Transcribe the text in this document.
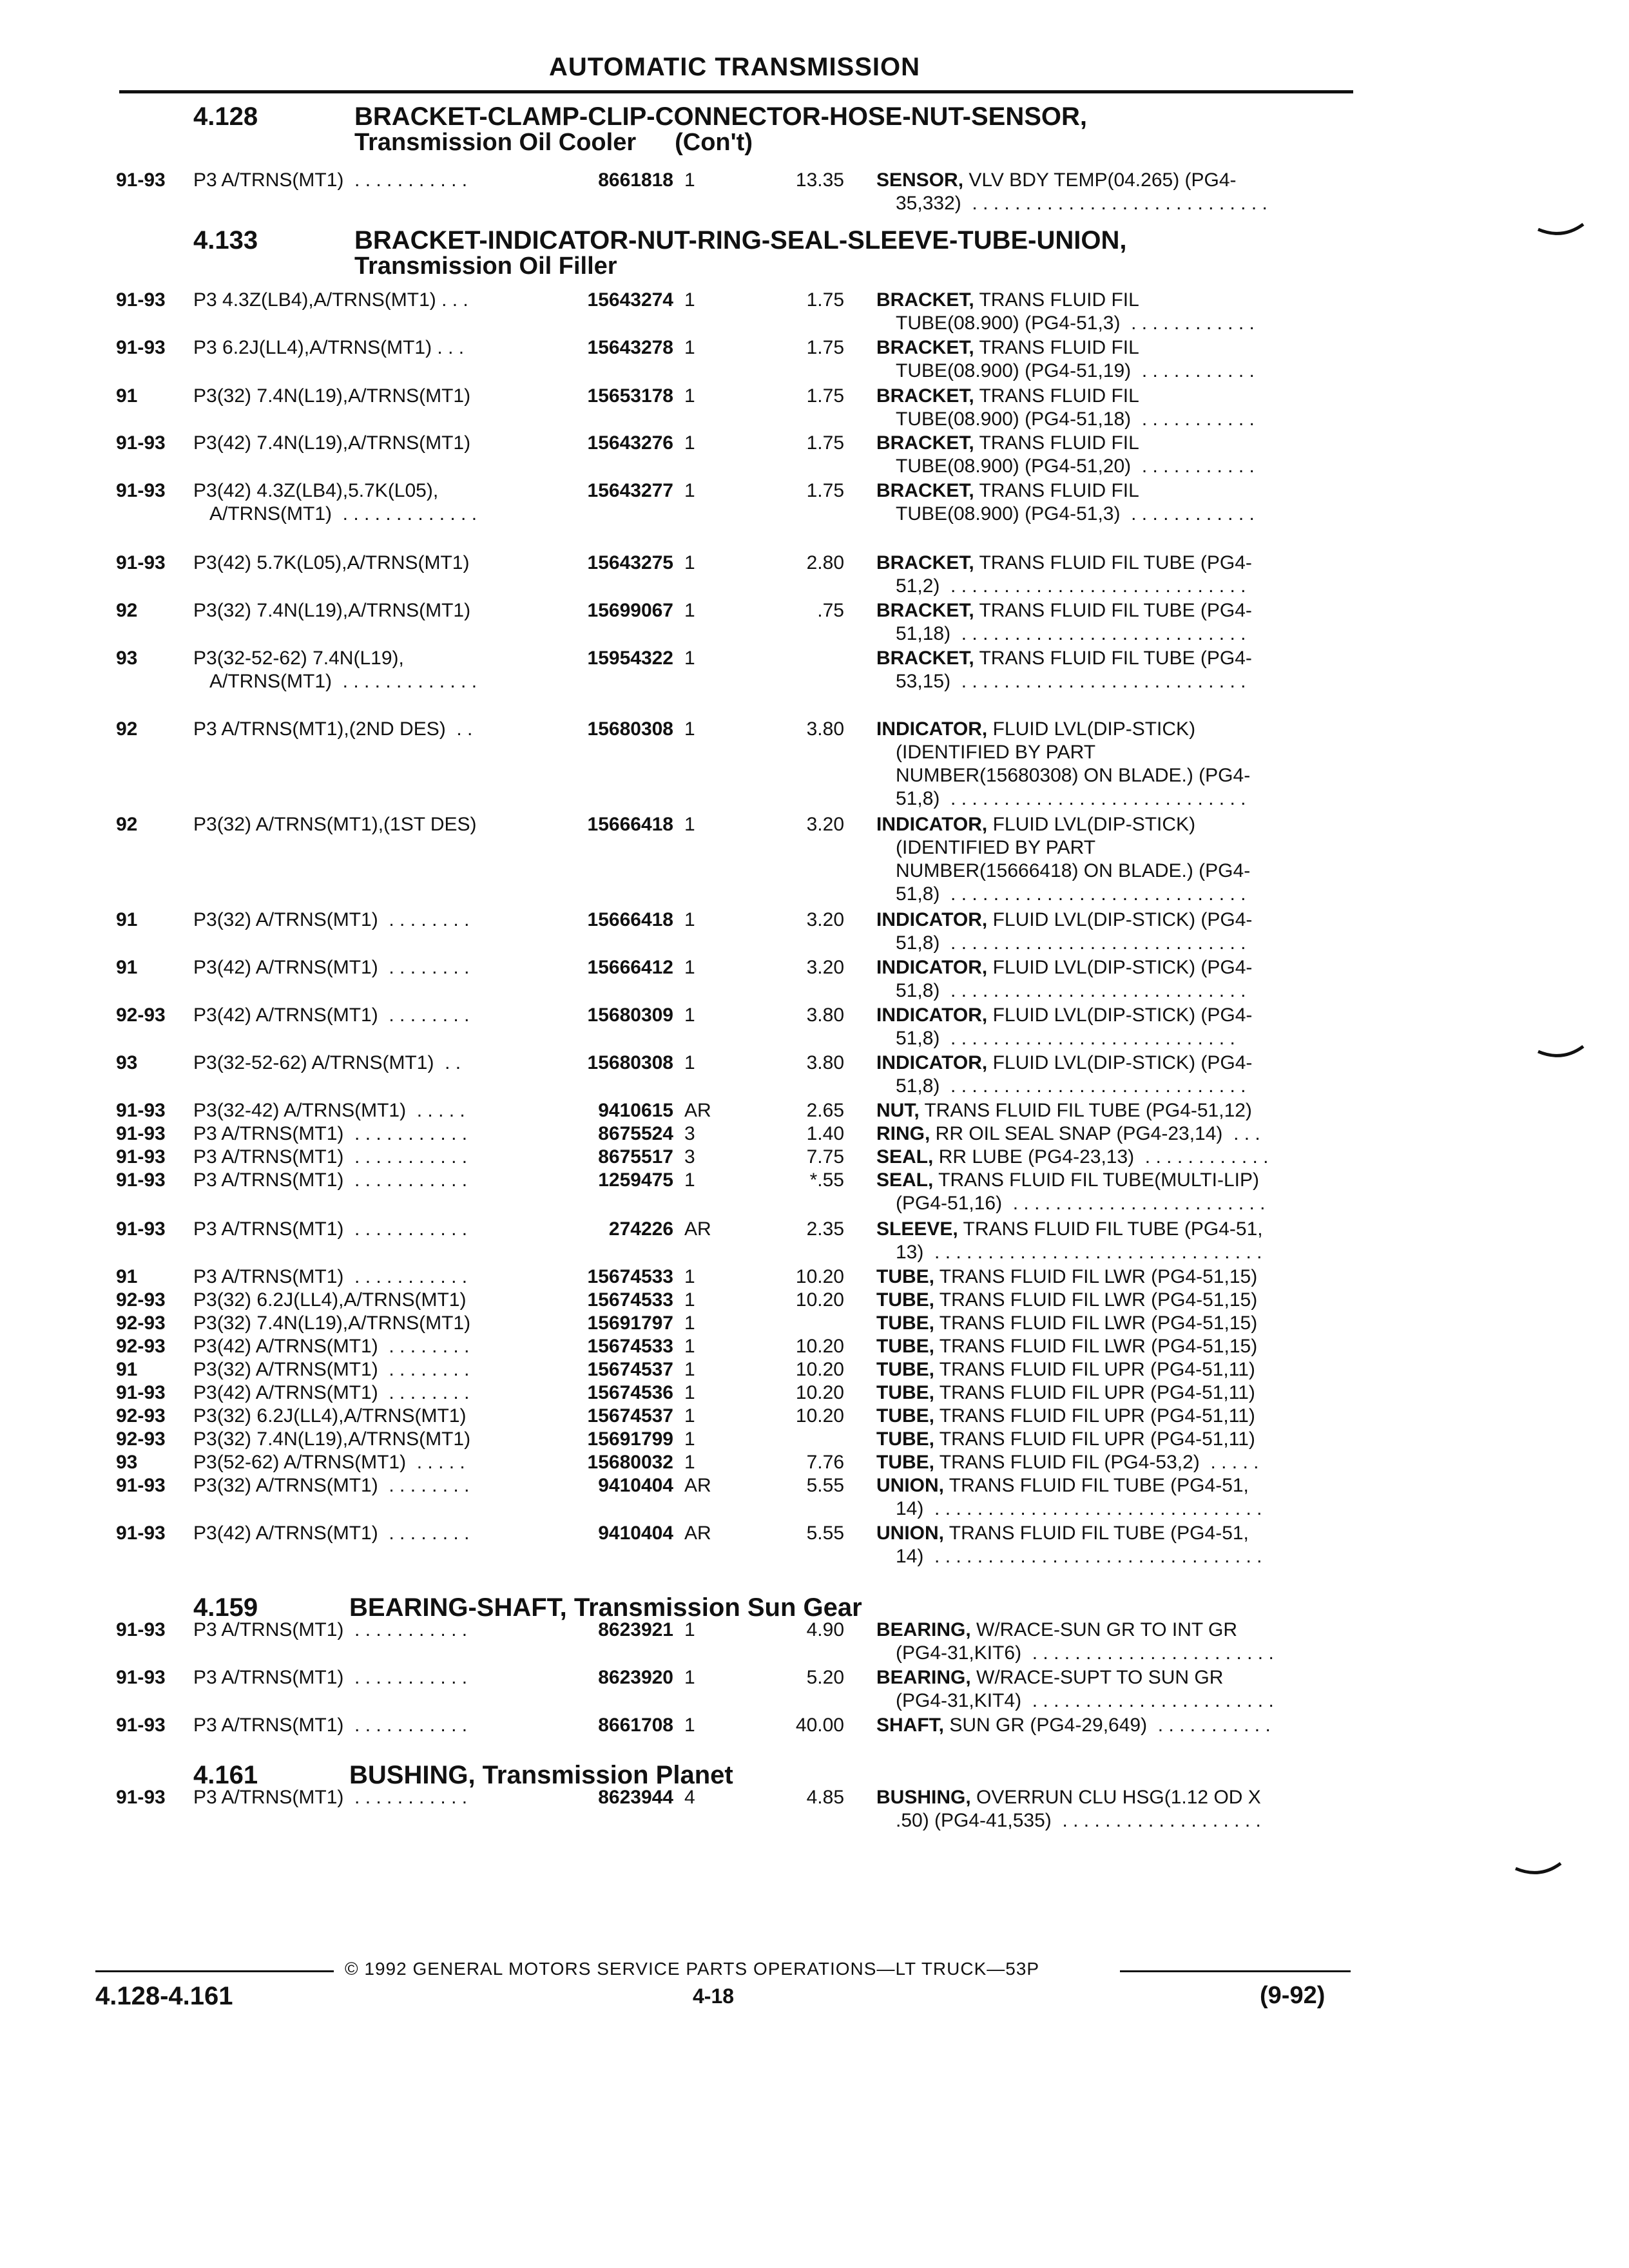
AUTOMATIC TRANSMISSION
4.128	BRACKET-CLAMP-CLIP-CONNECTOR-HOSE-NUT-SENSOR,
Transmission Oil Cooler (Con't)
4.133	BRACKET-INDICATOR-NUT-RING-SEAL-SLEEVE-TUBE-UNION,
Transmission Oil Filler
4.159	BEARING-SHAFT, Transmission Sun Gear
4.161	BUSHING, Transmission Planet
91-93 P3 A/TRNS(MT1)  . . . . . . . . . . .	8661818 1	13.35 SENSOR, VLV BDY TEMP(04.265) (PG4-
35,332)  . . . . . . . . . . . . . . . . . . . . . . . . . . . .
91-93 P3 4.3Z(LB4),A/TRNS(MT1) . . .	15643274 1	1.75 BRACKET, TRANS FLUID FIL
TUBE(08.900) (PG4-51,3)  . . . . . . . . . . . .
91-93 P3 6.2J(LL4),A/TRNS(MT1) . . .	15643278 1	1.75 BRACKET, TRANS FLUID FIL
TUBE(08.900) (PG4-51,19)  . . . . . . . . . . .
91	P3(32) 7.4N(L19),A/TRNS(MT1)	15653178 1	1.75 BRACKET, TRANS FLUID FIL
TUBE(08.900) (PG4-51,18)  . . . . . . . . . . .
91-93 P3(42) 7.4N(L19),A/TRNS(MT1)	15643276 1	1.75 BRACKET, TRANS FLUID FIL
TUBE(08.900) (PG4-51,20)  . . . . . . . . . . .
91-93 P3(42) 4.3Z(LB4),5.7K(L05),
A/TRNS(MT1)  . . . . . . . . . . . . .
15643277 1	1.75 BRACKET, TRANS FLUID FIL
TUBE(08.900) (PG4-51,3)  . . . . . . . . . . . .
91-93 P3(42) 5.7K(L05),A/TRNS(MT1)	15643275 1	2.80 BRACKET, TRANS FLUID FIL TUBE (PG4-
51,2)  . . . . . . . . . . . . . . . . . . . . . . . . . . . .
92	P3(32) 7.4N(L19),A/TRNS(MT1)	15699067 1	.75 BRACKET, TRANS FLUID FIL TUBE (PG4-
51,18)  . . . . . . . . . . . . . . . . . . . . . . . . . . .
93	P3(32-52-62) 7.4N(L19),
A/TRNS(MT1)  . . . . . . . . . . . . .
15954322 1	BRACKET, TRANS FLUID FIL TUBE (PG4-
53,15)  . . . . . . . . . . . . . . . . . . . . . . . . . . .
92	P3 A/TRNS(MT1),(2ND DES)  . .	15680308 1	3.80 INDICATOR, FLUID LVL(DIP-STICK)
(IDENTIFIED BY PART
NUMBER(15680308) ON BLADE.) (PG4-
51,8)  . . . . . . . . . . . . . . . . . . . . . . . . . . . .
92	P3(32) A/TRNS(MT1),(1ST DES)	15666418 1	3.20 INDICATOR, FLUID LVL(DIP-STICK)
(IDENTIFIED BY PART
NUMBER(15666418) ON BLADE.) (PG4-
51,8)  . . . . . . . . . . . . . . . . . . . . . . . . . . . .
91	P3(32) A/TRNS(MT1)  . . . . . . . .	15666418 1	3.20 INDICATOR, FLUID LVL(DIP-STICK) (PG4-
51,8)  . . . . . . . . . . . . . . . . . . . . . . . . . . . .
91	P3(42) A/TRNS(MT1)  . . . . . . . .	15666412 1	3.20 INDICATOR, FLUID LVL(DIP-STICK) (PG4-
51,8)  . . . . . . . . . . . . . . . . . . . . . . . . . . . .
92-93 P3(42) A/TRNS(MT1)  . . . . . . . .	15680309 1	3.80 INDICATOR, FLUID LVL(DIP-STICK) (PG4-
51,8)  . . . . . . . . . . . . . . . . . . . . . . . . . . .
93	P3(32-52-62) A/TRNS(MT1)  . .	15680308 1	3.80 INDICATOR, FLUID LVL(DIP-STICK) (PG4-
51,8)  . . . . . . . . . . . . . . . . . . . . . . . . . . . .
91-93 P3(32-42) A/TRNS(MT1)  . . . . .	9410615 AR	2.65 NUT, TRANS FLUID FIL TUBE (PG4-51,12)
91-93 P3 A/TRNS(MT1)  . . . . . . . . . . .	8675524 3	1.40 RING, RR OIL SEAL SNAP (PG4-23,14)  . . .
91-93 P3 A/TRNS(MT1)  . . . . . . . . . . .	8675517 3	7.75 SEAL, RR LUBE (PG4-23,13)  . . . . . . . . . . . .
91-93 P3 A/TRNS(MT1)  . . . . . . . . . . .	1259475 1	*.55 SEAL, TRANS FLUID FIL TUBE(MULTI-LIP)
(PG4-51,16)  . . . . . . . . . . . . . . . . . . . . . . . .
91-93 P3 A/TRNS(MT1)  . . . . . . . . . . .	274226 AR	2.35 SLEEVE, TRANS FLUID FIL TUBE (PG4-51,
13)  . . . . . . . . . . . . . . . . . . . . . . . . . . . . . . .
91	P3 A/TRNS(MT1)  . . . . . . . . . . .	15674533 1	10.20 TUBE, TRANS FLUID FIL LWR (PG4-51,15)
92-93 P3(32) 6.2J(LL4),A/TRNS(MT1)	15674533 1	10.20 TUBE, TRANS FLUID FIL LWR (PG4-51,15)
92-93 P3(32) 7.4N(L19),A/TRNS(MT1)	15691797 1	TUBE, TRANS FLUID FIL LWR (PG4-51,15)
92-93 P3(42) A/TRNS(MT1)  . . . . . . . .	15674533 1	10.20 TUBE, TRANS FLUID FIL LWR (PG4-51,15)
91	P3(32) A/TRNS(MT1)  . . . . . . . .	15674537 1	10.20 TUBE, TRANS FLUID FIL UPR (PG4-51,11)
91-93 P3(42) A/TRNS(MT1)  . . . . . . . .	15674536 1	10.20 TUBE, TRANS FLUID FIL UPR (PG4-51,11)
92-93 P3(32) 6.2J(LL4),A/TRNS(MT1)	15674537 1	10.20 TUBE, TRANS FLUID FIL UPR (PG4-51,11)
92-93 P3(32) 7.4N(L19),A/TRNS(MT1)	15691799 1	TUBE, TRANS FLUID FIL UPR (PG4-51,11)
93	P3(52-62) A/TRNS(MT1)  . . . . .	15680032 1	7.76 TUBE, TRANS FLUID FIL (PG4-53,2)  . . . . .
91-93 P3(32) A/TRNS(MT1)  . . . . . . . .	9410404 AR	5.55 UNION, TRANS FLUID FIL TUBE (PG4-51,
14)  . . . . . . . . . . . . . . . . . . . . . . . . . . . . . . .
91-93 P3(42) A/TRNS(MT1)  . . . . . . . .	9410404 AR	5.55 UNION, TRANS FLUID FIL TUBE (PG4-51,
14)  . . . . . . . . . . . . . . . . . . . . . . . . . . . . . . .
91-93 P3 A/TRNS(MT1)  . . . . . . . . . . .	8623921 1	4.90 BEARING, W/RACE-SUN GR TO INT GR
(PG4-31,KIT6)  . . . . . . . . . . . . . . . . . . . . . . .
91-93 P3 A/TRNS(MT1)  . . . . . . . . . . .	8623920 1	5.20 BEARING, W/RACE-SUPT TO SUN GR
(PG4-31,KIT4)  . . . . . . . . . . . . . . . . . . . . . . .
91-93 P3 A/TRNS(MT1)  . . . . . . . . . . .	8661708 1	40.00 SHAFT, SUN GR (PG4-29,649)  . . . . . . . . . . .
91-93 P3 A/TRNS(MT1)  . . . . . . . . . . .	8623944 4	4.85 BUSHING, OVERRUN CLU HSG(1.12 OD X
.50) (PG4-41,535)  . . . . . . . . . . . . . . . . . . .
© 1992 GENERAL MOTORS SERVICE PARTS OPERATIONS—LT TRUCK—53P
4.128-4.161	4-18	(9-92)
